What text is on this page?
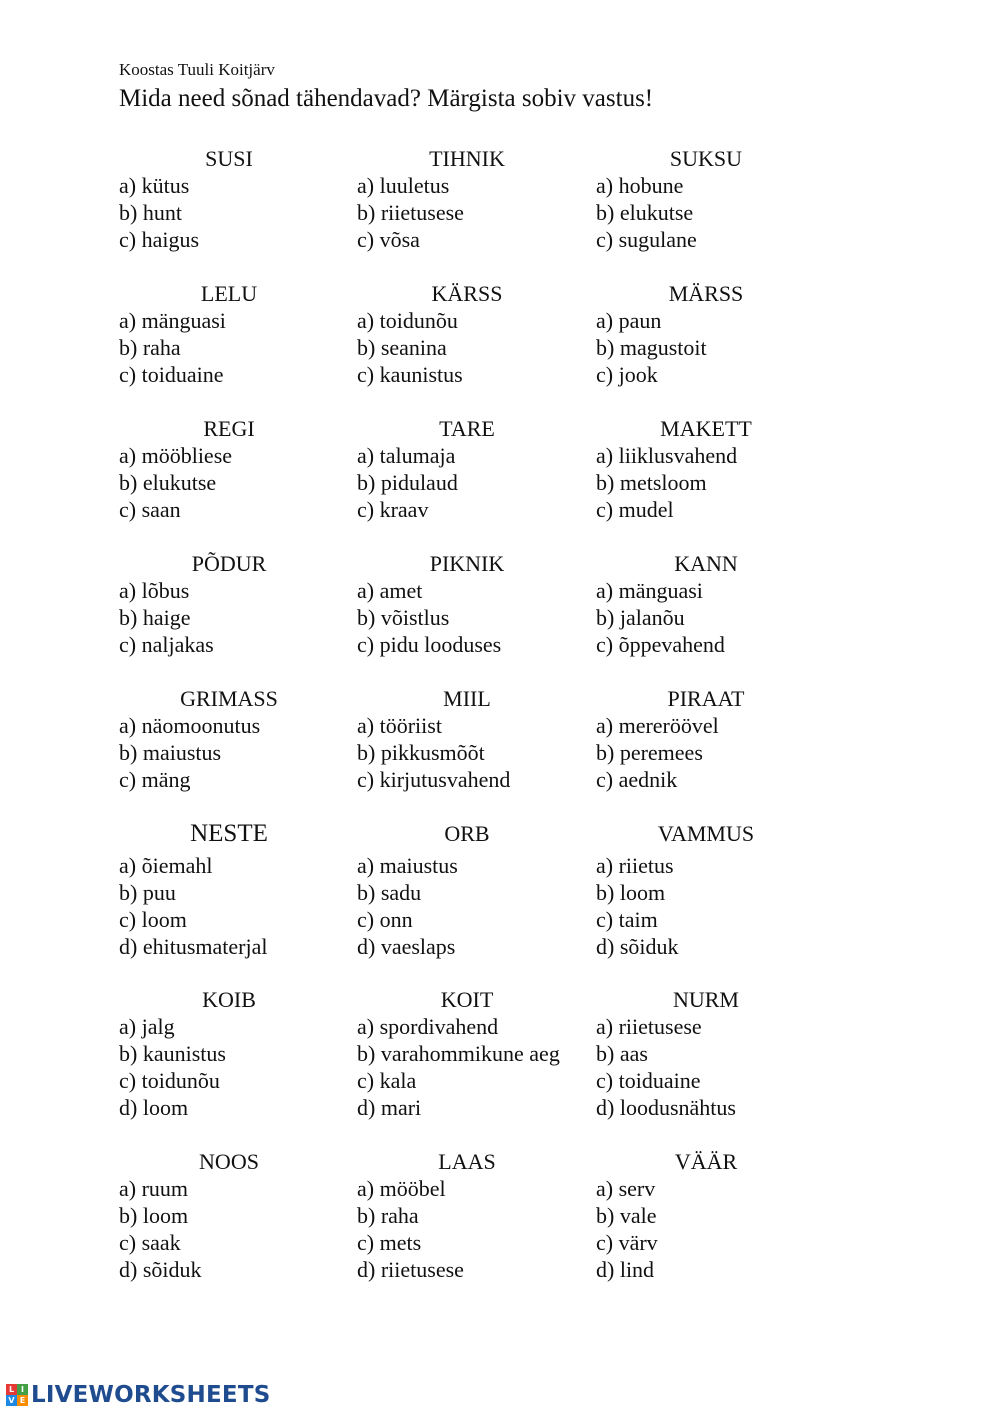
Koostas Tuuli Koitjärv
Mida need sõnad tähendavad? Märgista sobiv vastus!
SUSI
a) kütus
b) hunt
c) haigus
TIHNIK
a) luuletus
b) riietusese
c) võsa
SUKSU
a) hobune
b) elukutse
c) sugulane
LELU
a) mänguasi
b) raha
c) toiduaine
KÄRSS
a) toidunõu
b) seanina
c) kaunistus
MÄRSS
a) paun
b) magustoit
c) jook
REGI
a) mööbliese
b) elukutse
c) saan
TARE
a) talumaja
b) pidulaud
c) kraav
MAKETT
a) liiklusvahend
b) metsloom
c) mudel
PÕDUR
a) lõbus
b) haige
c) naljakas
PIKNIK
a) amet
b) võistlus
c) pidu looduses
KANN
a) mänguasi
b) jalanõu
c) õppevahend
GRIMASS
a) näomoonutus
b) maiustus
c) mäng
MIIL
a) tööriist
b) pikkusmõõt
c) kirjutusvahend
PIRAAT
a) mereröövel
b) peremees
c) aednik
NESTE
a) õiemahl
b) puu
c) loom
d) ehitusmaterjal
ORB
a) maiustus
b) sadu
c) onn
d) vaeslaps
VAMMUS
a) riietus
b) loom
c) taim
d) sõiduk
KOIB
a) jalg
b) kaunistus
c) toidunõu
d) loom
KOIT
a) spordivahend
b) varahommikune aeg
c) kala
d) mari
NURM
a) riietusese
b) aas
c) toiduaine
d) loodusnähtus
NOOS
a) ruum
b) loom
c) saak
d) sõiduk
LAAS
a) mööbel
b) raha
c) mets
d) riietusese
VÄÄR
a) serv
b) vale
c) värv
d) lind
L I
V E LIVEWORKSHEETS
